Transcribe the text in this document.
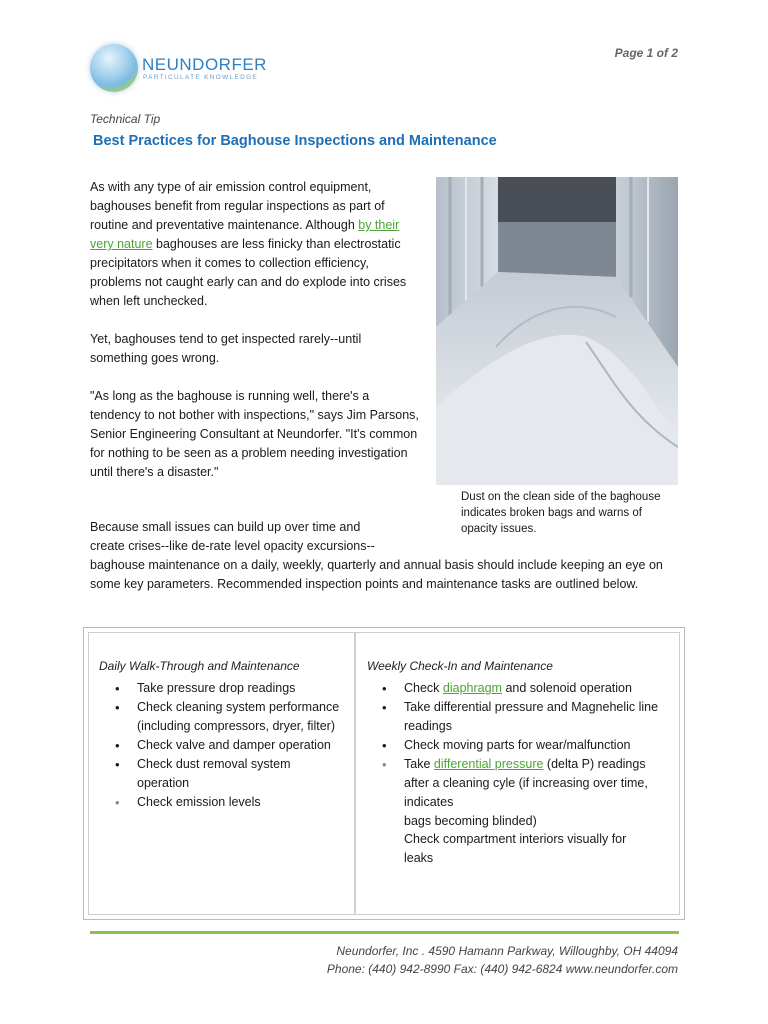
NEUNDORFER
PARTICULATE KNOWLEDGE
Page 1 of 2
Technical Tip
Best Practices for Baghouse Inspections and Maintenance

As with any type of air emission control equipment, baghouses benefit from regular inspections as part of routine and preventative maintenance. Although by their very nature baghouses are less finicky than electrostatic precipitators when it comes to collection efficiency, problems not caught early can and do explode into crises when left unchecked.

Yet, baghouses tend to get inspected rarely--until something goes wrong.

"As long as the baghouse is running well, there's a tendency to not bother with inspections," says Jim Parsons, Senior Engineering Consultant at Neundorfer. "It's common for nothing to be seen as a problem needing investigation until there's a disaster."

Because small issues can build up over time and
create crises--like de-rate level opacity excursions--

baghouse maintenance on a daily, weekly, quarterly and annual basis should include keeping an eye on some key parameters. Recommended inspection points and maintenance tasks are outlined below.

Dust on the clean side of the baghouse indicates broken bags and warns of opacity issues.
Daily Walk-Through and Maintenance
• Take pressure drop readings
• Check cleaning system performance (including compressors, dryer, filter)
• Check valve and damper operation
• Check dust removal system operation
• Check emission levels
Weekly Check-In and Maintenance
• Check diaphragm and solenoid operation
• Take differential pressure and Magnehelic line readings
• Check moving parts for wear/malfunction
• Take differential pressure (delta P) readings after a cleaning cyle (if increasing over time, indicates
bags becoming blinded)
Check compartment interiors visually for leaks
Neundorfer, Inc . 4590 Hamann Parkway, Willoughby, OH 44094
Phone: (440) 942-8990 Fax: (440) 942-6824 www.neundorfer.com
